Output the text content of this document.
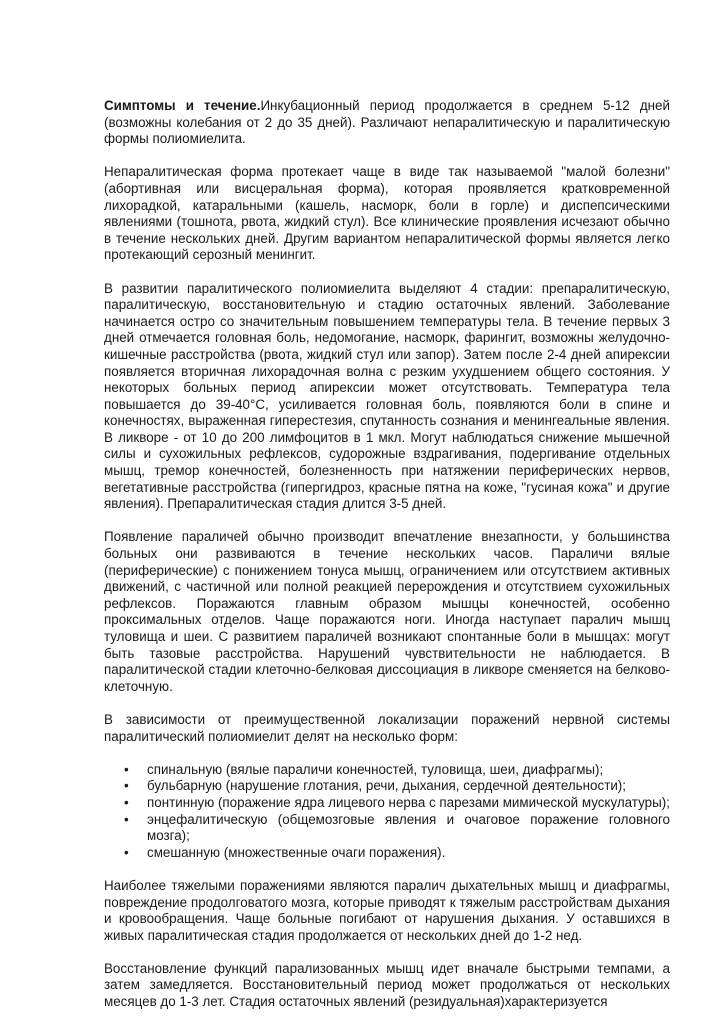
Симптомы и течение.Инкубационный период продолжается в среднем 5-12 дней (возможны колебания от 2 до 35 дней). Различают непаралитическую и паралитическую формы полиомиелита.

Непаралитическая форма протекает чаще в виде так называемой "малой болезни" (абортивная или висцеральная форма), которая проявляется кратковременной лихорадкой, катаральными (кашель, насморк, боли в горле) и диспепсическими явлениями (тошнота, рвота, жидкий стул). Все клинические проявления исчезают обычно в течение нескольких дней. Другим вариантом непаралитической формы является легко протекающий серозный менингит.

В развитии паралитического полиомиелита выделяют 4 стадии: препаралитическую, паралитическую, восстановительную и стадию остаточных явлений. Заболевание начинается остро со значительным повышением температуры тела. В течение первых 3 дней отмечается головная боль, недомогание, насморк, фарингит, возможны желудочно-кишечные расстройства (рвота, жидкий стул или запор). Затем после 2-4 дней апирексии появляется вторичная лихорадочная волна с резким ухудшением общего состояния. У некоторых больных период апирексии может отсутствовать. Температура тела повышается до 39-40°С, усиливается головная боль, появляются боли в спине и конечностях, выраженная гиперестезия, спутанность сознания и менингеальные явления. В ликворе - от 10 до 200 лимфоцитов в 1 мкл. Могут наблюдаться снижение мышечной силы и сухожильных рефлексов, судорожные вздрагивания, подергивание отдельных мышц, тремор конечностей, болезненность при натяжении периферических нервов, вегетативные расстройства (гипергидроз, красные пятна на коже, "гусиная кожа" и другие явления). Препаралитическая стадия длится 3-5 дней.

Появление параличей обычно производит впечатление внезапности, у большинства больных они развиваются в течение нескольких часов. Параличи вялые (периферические) с понижением тонуса мышц, ограничением или отсутствием активных движений, с частичной или полной реакцией перерождения и отсутствием сухожильных рефлексов. Поражаются главным образом мышцы конечностей, особенно проксимальных отделов. Чаще поражаются ноги. Иногда наступает паралич мышц туловища и шеи. С развитием параличей возникают спонтанные боли в мышцах: могут быть тазовые расстройства. Нарушений чувствительности не наблюдается. В паралитической стадии клеточно-белковая диссоциация в ликворе сменяется на белково-клеточную.

В зависимости от преимущественной локализации поражений нервной системы паралитический полиомиелит делят на несколько форм:

• спинальную (вялые параличи конечностей, туловища, шеи, диафрагмы);
• бульбарную (нарушение глотания, речи, дыхания, сердечной деятельности);
• понтинную (поражение ядра лицевого нерва с парезами мимической мускулатуры);
• энцефалитическую (общемозговые явления и очаговое поражение головного мозга);
• смешанную (множественные очаги поражения).

Наиболее тяжелыми поражениями являются паралич дыхательных мышц и диафрагмы, повреждение продолговатого мозга, которые приводят к тяжелым расстройствам дыхания и кровообращения. Чаще больные погибают от нарушения дыхания. У оставшихся в живых паралитическая стадия продолжается от нескольких дней до 1-2 нед.

Восстановление функций парализованных мышц идет вначале быстрыми темпами, а затем замедляется. Восстановительный период может продолжаться от нескольких месяцев до 1-3 лет. Стадия остаточных явлений (резидуальная)характеризуется
